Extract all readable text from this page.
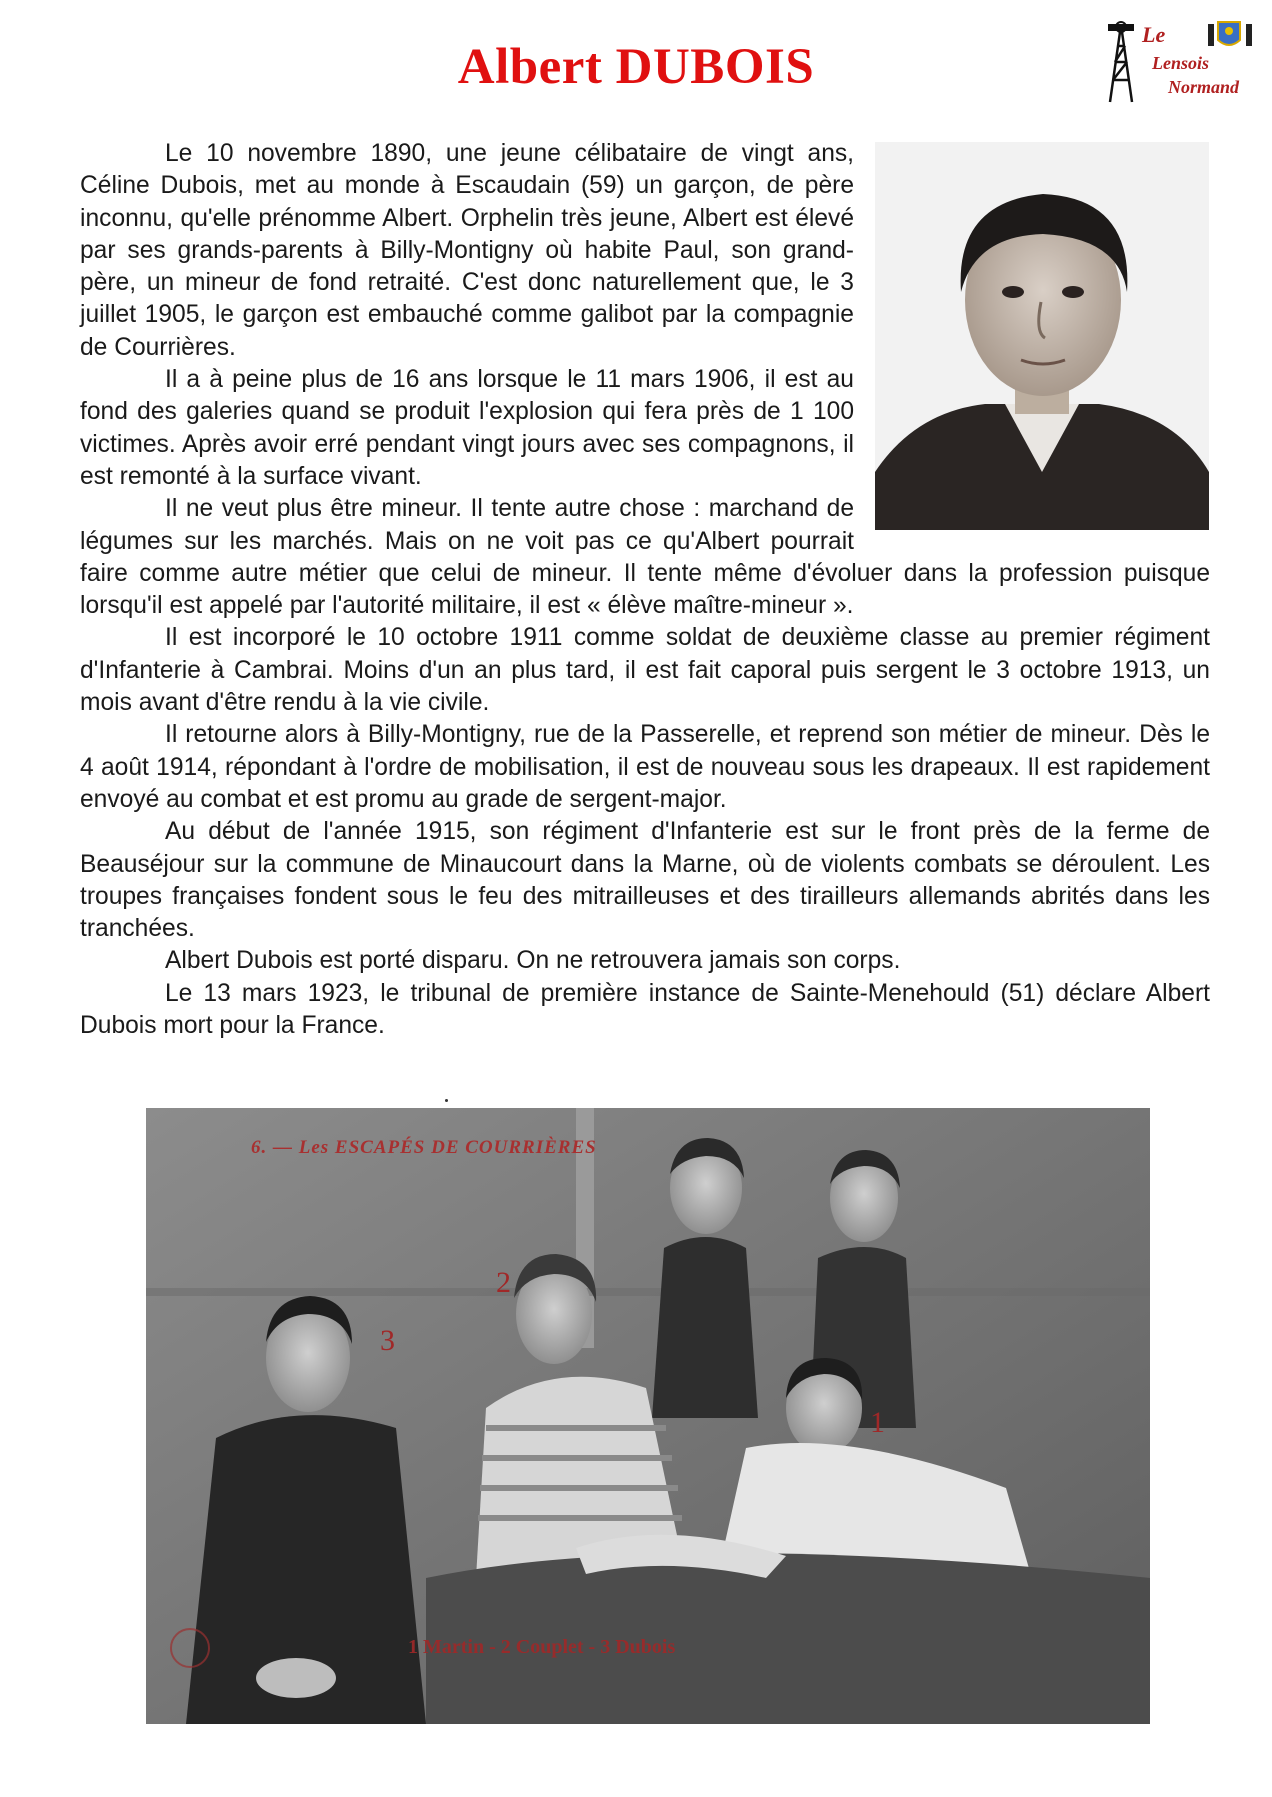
Albert DUBOIS
Le
Lensois
Normand

Le 10 novembre 1890, une jeune célibataire de vingt ans, Céline Dubois, met au monde à Escaudain (59) un garçon, de père inconnu, qu'elle prénomme Albert. Orphelin très jeune, Albert est élevé par ses grands-parents à Billy-Montigny où habite Paul, son grand-père, un mineur de fond retraité. C'est donc naturellement que, le 3 juillet 1905, le garçon est embauché comme galibot par la compagnie de Courrières.

Il a à peine plus de 16 ans lorsque le 11 mars 1906, il est au fond des galeries quand se produit l'explosion qui fera près de 1 100 victimes. Après avoir erré pendant vingt jours avec ses compagnons, il est remonté à la surface vivant.

Il ne veut plus être mineur. Il tente autre chose : marchand de légumes sur les marchés. Mais on ne voit pas ce qu'Albert pourrait faire comme autre métier que celui de mineur. Il tente même d'évoluer dans la profession puisque lorsqu'il est appelé par l'autorité militaire, il est « élève maître-mineur ».

Il est incorporé le 10 octobre 1911 comme soldat de deuxième classe au premier régiment d'Infanterie à Cambrai. Moins d'un an plus tard, il est fait caporal puis sergent le 3 octobre 1913, un mois avant d'être rendu à la vie civile.

Il retourne alors à Billy-Montigny, rue de la Passerelle, et reprend son métier de mineur. Dès le 4 août 1914, répondant à l'ordre de mobilisation, il est de nouveau sous les drapeaux. Il est rapidement envoyé au combat et est promu au grade de sergent-major.

Au début de l'année 1915, son régiment d'Infanterie est sur le front près de la ferme de Beauséjour sur la commune de Minaucourt dans la Marne, où de violents combats se déroulent. Les troupes françaises fondent sous le feu des mitrailleuses et des tirailleurs allemands abrités dans les tranchées.

Albert Dubois est porté disparu. On ne retrouvera jamais son corps.

Le 13 mars 1923, le tribunal de première instance de Sainte-Menehould (51) déclare Albert Dubois mort pour la France.

6. — Les ESCAPÉS DE COURRIÈRES
2
3
1
1 Martin - 2 Couplet - 3 Dubois
